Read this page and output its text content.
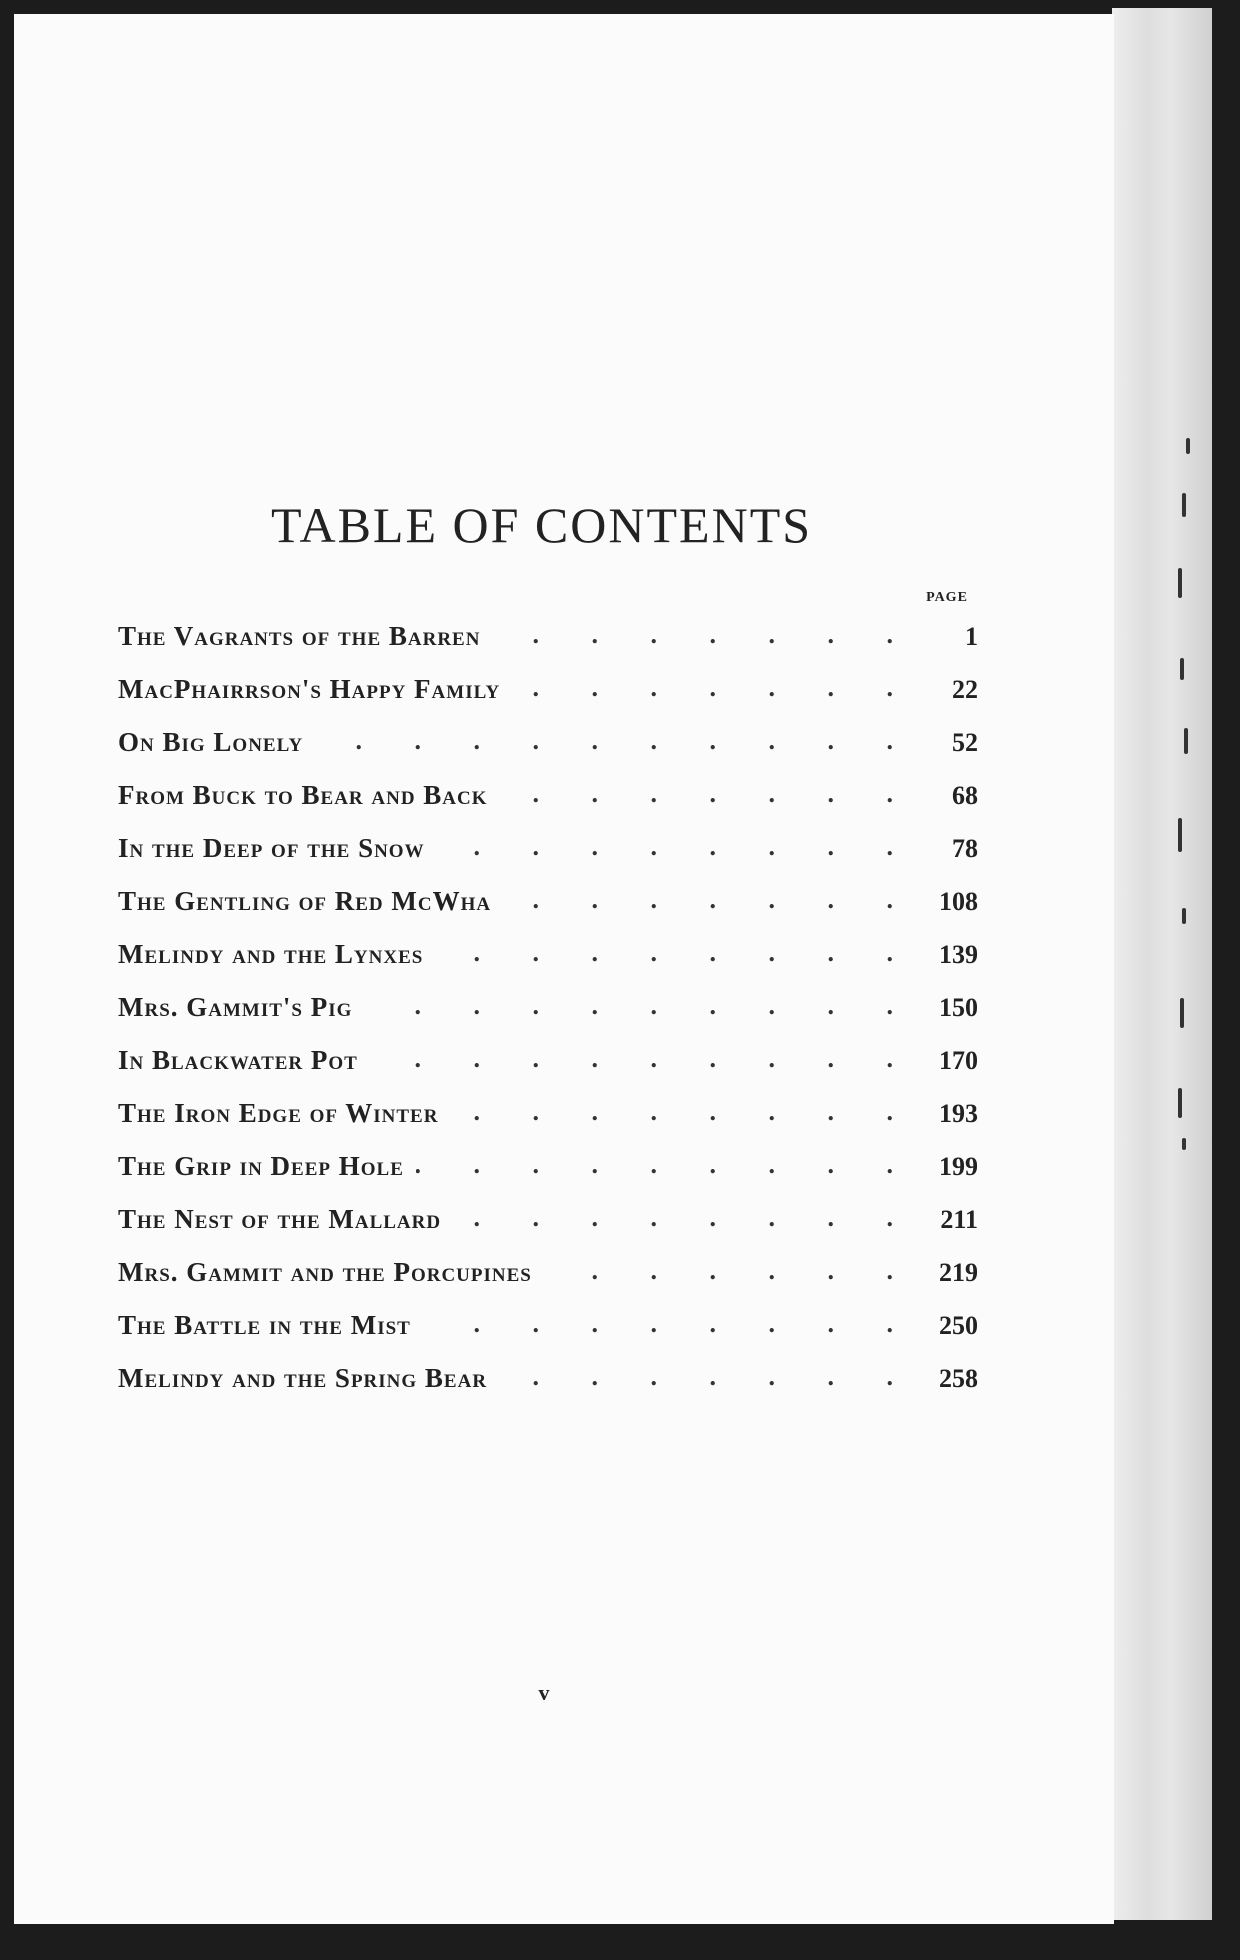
TABLE OF CONTENTS
PAGE
The Vagrants of the Barren . . .	1
MacPhairrson's Happy Family . . .	22
On Big Lonely . . .	52
From Buck to Bear and Back . . .	68
In the Deep of the Snow . . .	78
The Gentling of Red McWha . . .	108
Melindy and the Lynxes . . .	139
Mrs. Gammit's Pig . . .	150
In Blackwater Pot . . .	170
The Iron Edge of Winter . . .	193
The Grip in Deep Hole . . .	199
The Nest of the Mallard . . .	211
Mrs. Gammit and the Porcupines . . .	219
The Battle in the Mist . . .	250
Melindy and the Spring Bear . . .	258
v
